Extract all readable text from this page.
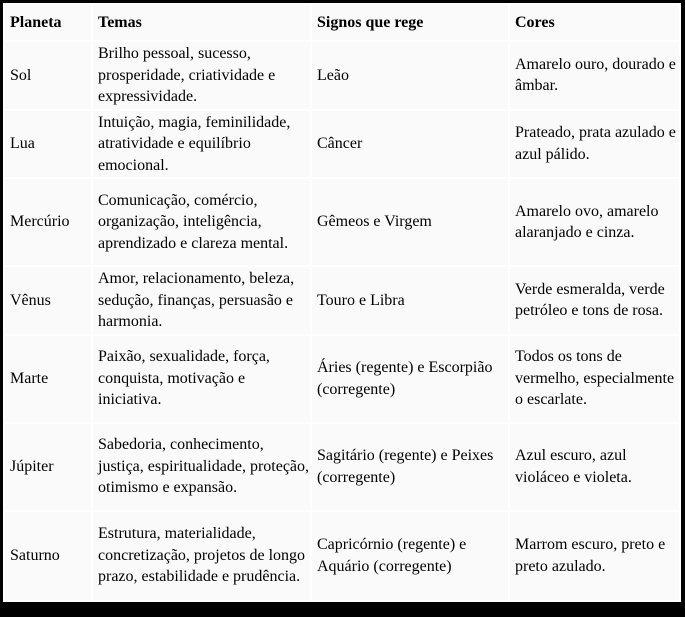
Planeta	Temas	Signos que rege	Cores
Sol	Brilho pessoal, sucesso, prosperidade, criatividade e expressividade.	Leão	Amarelo ouro, dourado e âmbar.
Lua	Intuição, magia, feminilidade, atratividade e equilíbrio emocional.	Câncer	Prateado, prata azulado e azul pálido.
Mercúrio	Comunicação, comércio, organização, inteligência, aprendizado e clareza mental.	Gêmeos e Virgem	Amarelo ovo, amarelo alaranjado e cinza.
Vênus	Amor, relacionamento, beleza, sedução, finanças, persuasão e harmonia.	Touro e Libra	Verde esmeralda, verde petróleo e tons de rosa.
Marte	Paixão, sexualidade, força, conquista, motivação e iniciativa.	Áries (regente) e Escorpião (corregente)	Todos os tons de vermelho, especialmente o escarlate.
Júpiter	Sabedoria, conhecimento, justiça, espiritualidade, proteção, otimismo e expansão.	Sagitário (regente) e Peixes (corregente)	Azul escuro, azul violáceo e violeta.
Saturno	Estrutura, materialidade, concretização, projetos de longo prazo, estabilidade e prudência.	Capricórnio (regente) e Aquário (corregente)	Marrom escuro, preto e preto azulado.
